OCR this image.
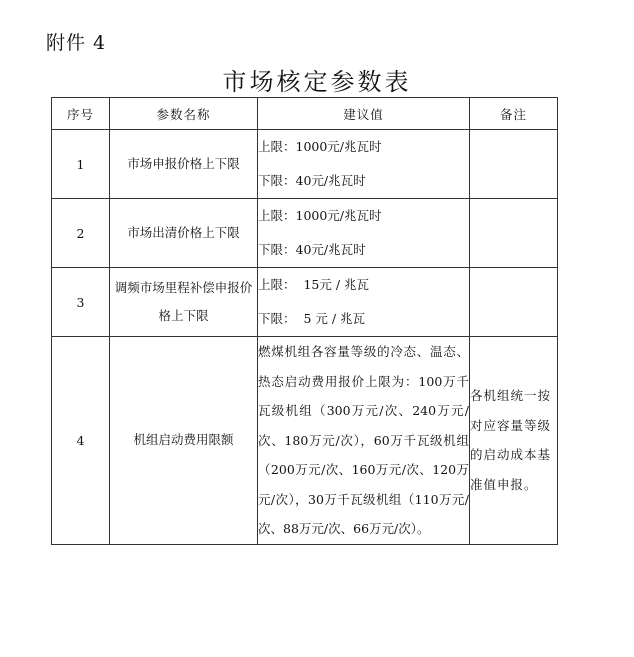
附件 4
市场核定参数表
序号	参数名称	建议值	备注
1	市场申报价格上下限	上限：1000元/兆瓦时
下限：40元/兆瓦时	

2	市场出清价格上下限	上限：1000元/兆瓦时
下限：40元/兆瓦时	

3	调频市场里程补偿申报价格上下限	上限：  15元 / 兆瓦
下限：  5 元 / 兆瓦	

4	机组启动费用限额	燃煤机组各容量等级的冷态、温态、热态启动费用报价上限为：100万千瓦级机组（300万元/次、240万元/次、180万元/次），60万千瓦级机组（200万元/次、160万元/次、120万元/次），30万千瓦级机组（110万元/次、88万元/次、66万元/次）。	各机组统一按对应容量等级的启动成本基准值申报。
